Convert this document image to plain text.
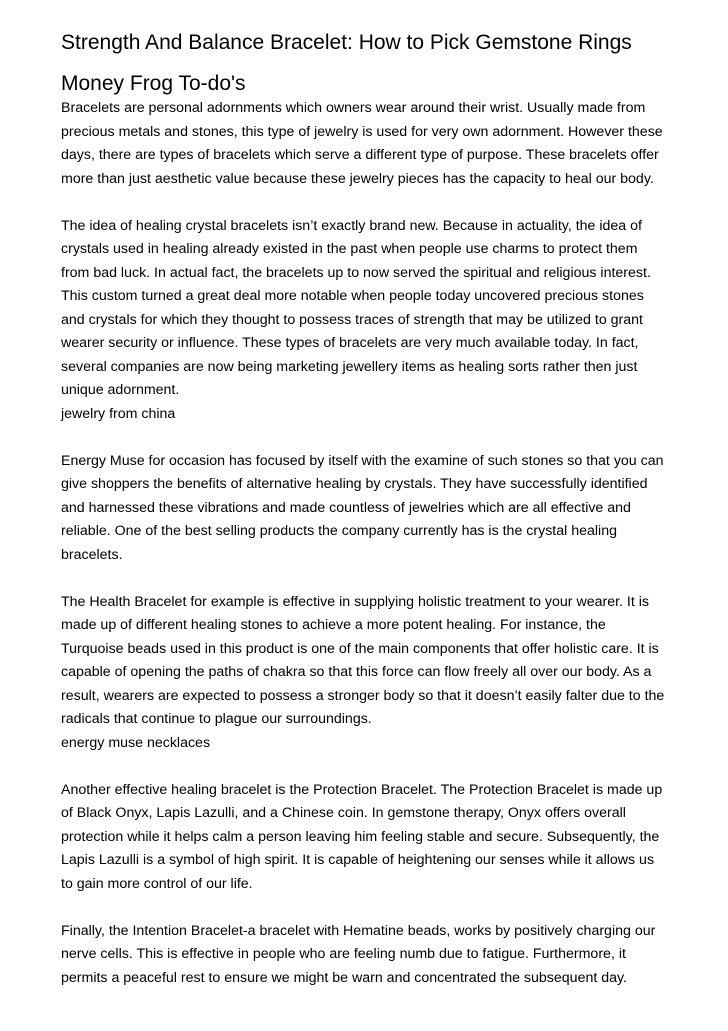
Strength And Balance Bracelet: How to Pick Gemstone Rings
Money Frog To-do's
Bracelets are personal adornments which owners wear around their wrist. Usually made from precious metals and stones, this type of jewelry is used for very own adornment. However these days, there are types of bracelets which serve a different type of purpose. These bracelets offer more than just aesthetic value because these jewelry pieces has the capacity to heal our body.
The idea of healing crystal bracelets isn’t exactly brand new. Because in actuality, the idea of crystals used in healing already existed in the past when people use charms to protect them from bad luck. In actual fact, the bracelets up to now served the spiritual and religious interest. This custom turned a great deal more notable when people today uncovered precious stones and crystals for which they thought to possess traces of strength that may be utilized to grant wearer security or influence. These types of bracelets are very much available today. In fact, several companies are now being marketing jewellery items as healing sorts rather then just unique adornment.
jewelry from china
Energy Muse for occasion has focused by itself with the examine of such stones so that you can give shoppers the benefits of alternative healing by crystals. They have successfully identified and harnessed these vibrations and made countless of jewelries which are all effective and reliable. One of the best selling products the company currently has is the crystal healing bracelets.
The Health Bracelet for example is effective in supplying holistic treatment to your wearer. It is made up of different healing stones to achieve a more potent healing. For instance, the Turquoise beads used in this product is one of the main components that offer holistic care. It is capable of opening the paths of chakra so that this force can flow freely all over our body. As a result, wearers are expected to possess a stronger body so that it doesn’t easily falter due to the radicals that continue to plague our surroundings.
energy muse necklaces
Another effective healing bracelet is the Protection Bracelet. The Protection Bracelet is made up of Black Onyx, Lapis Lazulli, and a Chinese coin. In gemstone therapy, Onyx offers overall protection while it helps calm a person leaving him feeling stable and secure. Subsequently, the Lapis Lazulli is a symbol of high spirit. It is capable of heightening our senses while it allows us to gain more control of our life.
Finally, the Intention Bracelet-a bracelet with Hematine beads, works by positively charging our nerve cells. This is effective in people who are feeling numb due to fatigue. Furthermore, it permits a peaceful rest to ensure we might be warn and concentrated the subsequent day.
